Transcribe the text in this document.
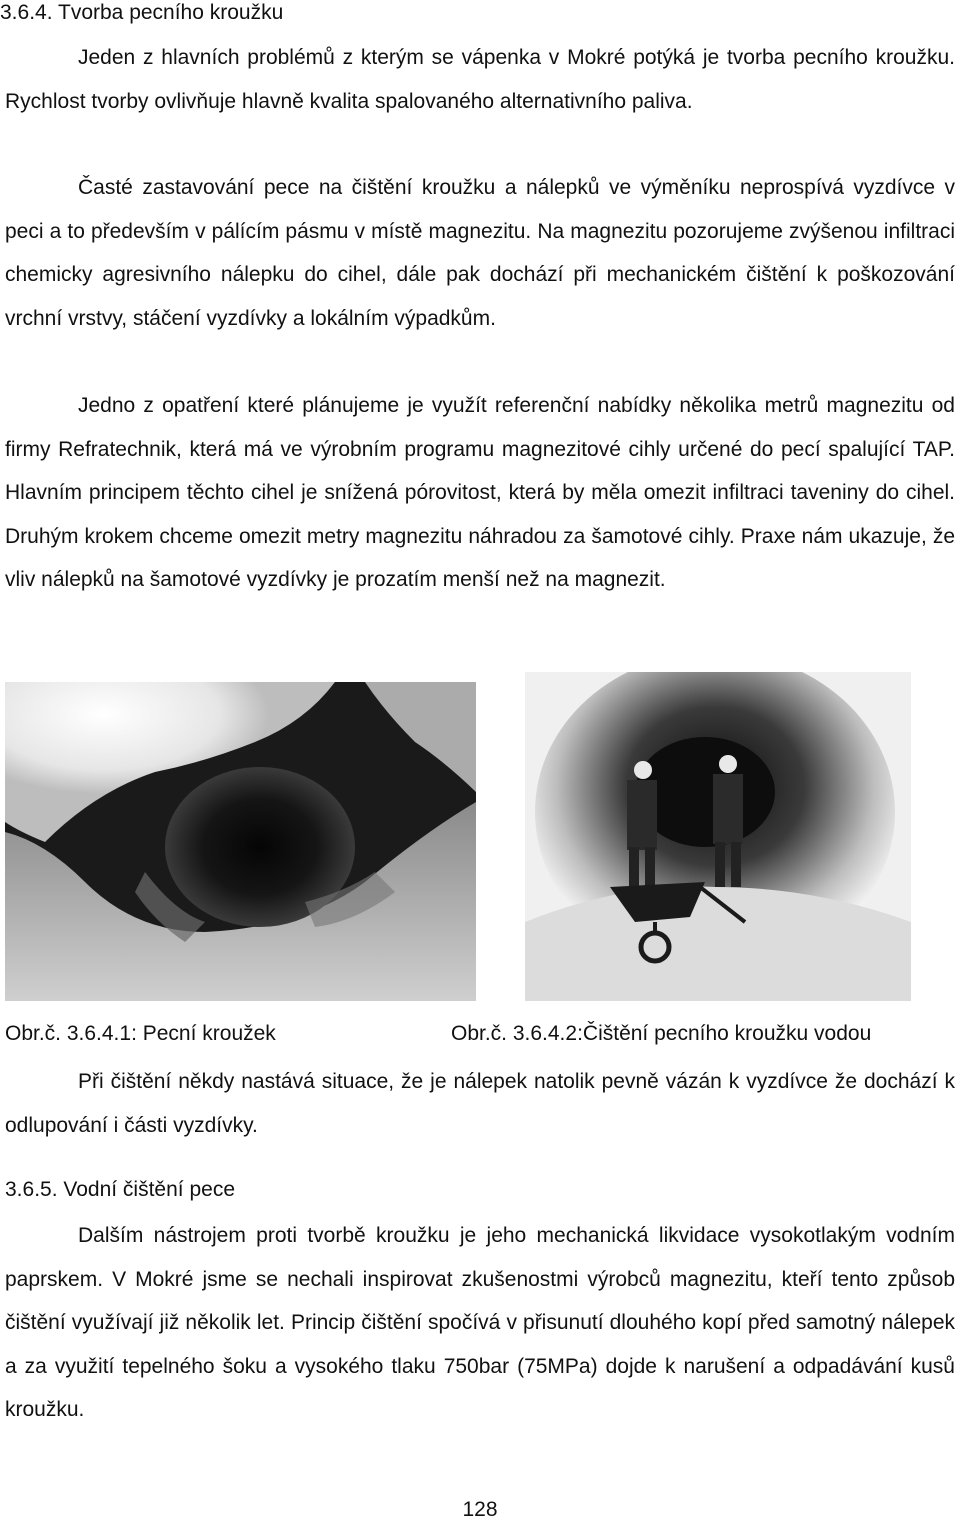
3.6.4. Tvorba pecního kroužku

Jeden z hlavních problémů z kterým se vápenka v Mokré potýká je tvorba pecního kroužku. Rychlost tvorby ovlivňuje hlavně kvalita spalovaného alternativního paliva.

Časté zastavování pece na čištění kroužku a nálepků ve výměníku neprospívá vyzdívce v peci a to především v pálícím pásmu v místě magnezitu. Na magnezitu pozorujeme zvýšenou infiltraci chemicky agresivního nálepku do cihel, dále pak dochází při mechanickém čištění k poškozování vrchní vrstvy, stáčení vyzdívky a lokálním výpadkům.

Jedno z opatření které plánujeme je využít referenční nabídky několika metrů magnezitu od firmy Refratechnik, která má ve výrobním programu magnezitové cihly určené do pecí spalující TAP. Hlavním principem těchto cihel je snížená pórovitost, která by měla omezit infiltraci taveniny do cihel. Druhým krokem chceme omezit metry magnezitu náhradou za šamotové cihly. Praxe nám ukazuje, že vliv nálepků na šamotové vyzdívky je prozatím menší než na magnezit.

Obr.č. 3.6.4.1: Pecní kroužek	Obr.č. 3.6.4.2:Čištění pecního kroužku vodou

Při čištění někdy nastává situace, že je nálepek natolik pevně vázán k vyzdívce že dochází k odlupování i části vyzdívky.

3.6.5. Vodní čištění pece

Dalším nástrojem proti tvorbě kroužku je jeho mechanická likvidace vysokotlakým vodním paprskem. V Mokré jsme se nechali inspirovat zkušenostmi výrobců magnezitu, kteří tento způsob čištění využívají již několik let. Princip čištění spočívá v přisunutí dlouhého kopí před samotný nálepek a za využití tepelného šoku a vysokého tlaku 750bar (75MPa) dojde k narušení a odpadávání kusů kroužku.

128
